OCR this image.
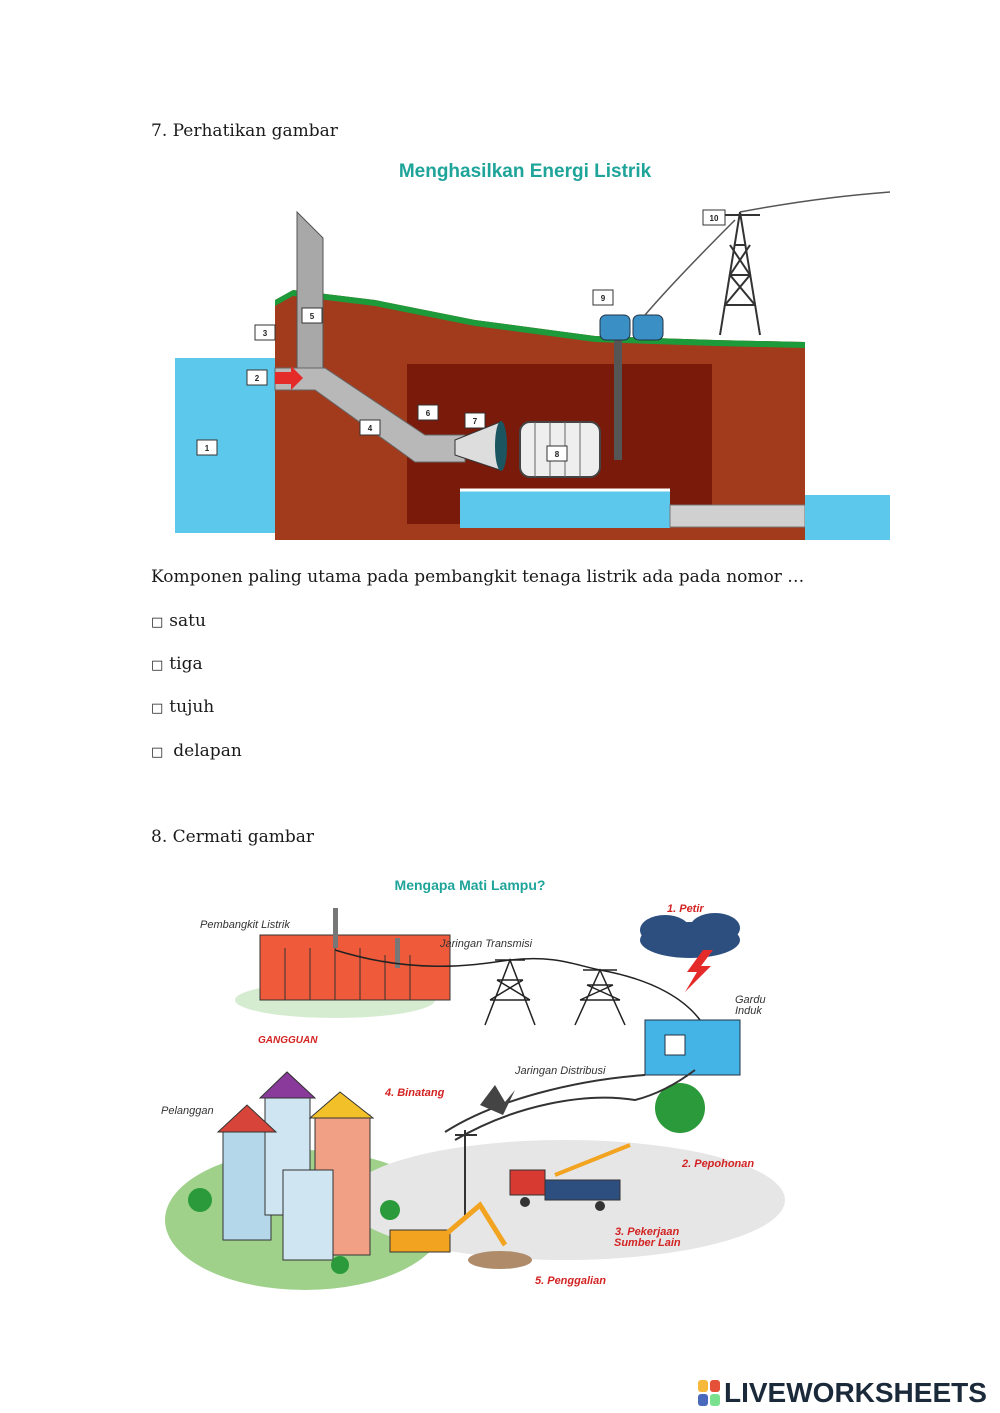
7. Perhatikan gambar
Menghasilkan Energi Listrik
1
2
3
4
5
6
7
8
9
10
Komponen paling utama pada pembangkit tenaga listrik ada pada nomor …
□ satu
□ tiga
□ tujuh
□ delapan
8. Cermati gambar
Mengapa Mati Lampu?
Pembangkit Listrik
Jaringan Transmisi
1. Petir
Gardu
Induk
GANGGUAN
Jaringan Distribusi
4. Binatang
Pelanggan
2. Pepohonan
3. Pekerjaan
Sumber Lain
5. Penggalian
LIVEWORKSHEETS
